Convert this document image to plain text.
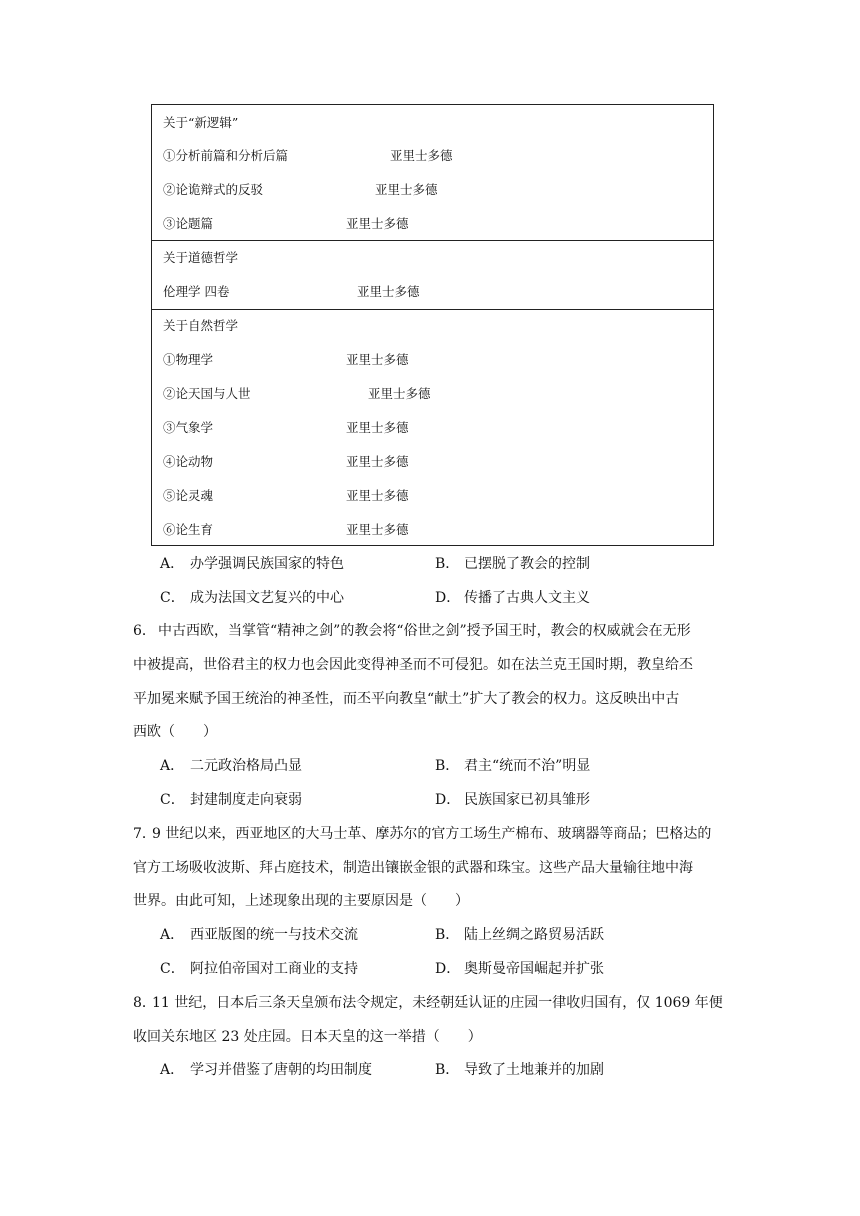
关于“新逻辑”
①分析前篇和分析后篇	亚里士多德
②论诡辩式的反驳	亚里士多德
③论题篇	亚里士多德
关于道德哲学
伦理学 四卷	亚里士多德
关于自然哲学
①物理学	亚里士多德
②论天国与人世	亚里士多德
③气象学	亚里士多德
④论动物	亚里士多德
⑤论灵魂	亚里士多德
⑥论生育	亚里士多德
A． 办学强调民族国家的特色	B． 已摆脱了教会的控制
C． 成为法国文艺复兴的中心	D． 传播了古典人文主义
6． 中古西欧，当掌管“精神之剑”的教会将“俗世之剑”授予国王时，教会的权威就会在无形
中被提高，世俗君主的权力也会因此变得神圣而不可侵犯。如在法兰克王国时期，教皇给丕
平加冕来赋予国王统治的神圣性，而丕平向教皇“献土”扩大了教会的权力。这反映出中古
西欧（　　）
A． 二元政治格局凸显	B． 君主“统而不治”明显
C． 封建制度走向衰弱	D． 民族国家已初具雏形
7．
9 世纪以来，西亚地区的大马士革、摩苏尔的官方工场生产棉布、玻璃器等商品；巴格达的
官方工场吸收波斯、拜占庭技术，制造出镶嵌金银的武器和珠宝。这些产品大量输往地中海
世界。由此可知，上述现象出现的主要原因是（　　）
A． 西亚版图的统一与技术交流	B． 陆上丝绸之路贸易活跃
C． 阿拉伯帝国对工商业的支持	D． 奥斯曼帝国崛起并扩张
8．
11 世纪，日本后三条天皇颁布法令规定，未经朝廷认证的庄园一律收归国有，仅 1069 年便
收回关东地区 23 处庄园。日本天皇的这一举措（　　）
A． 学习并借鉴了唐朝的均田制度	B． 导致了土地兼并的加剧
